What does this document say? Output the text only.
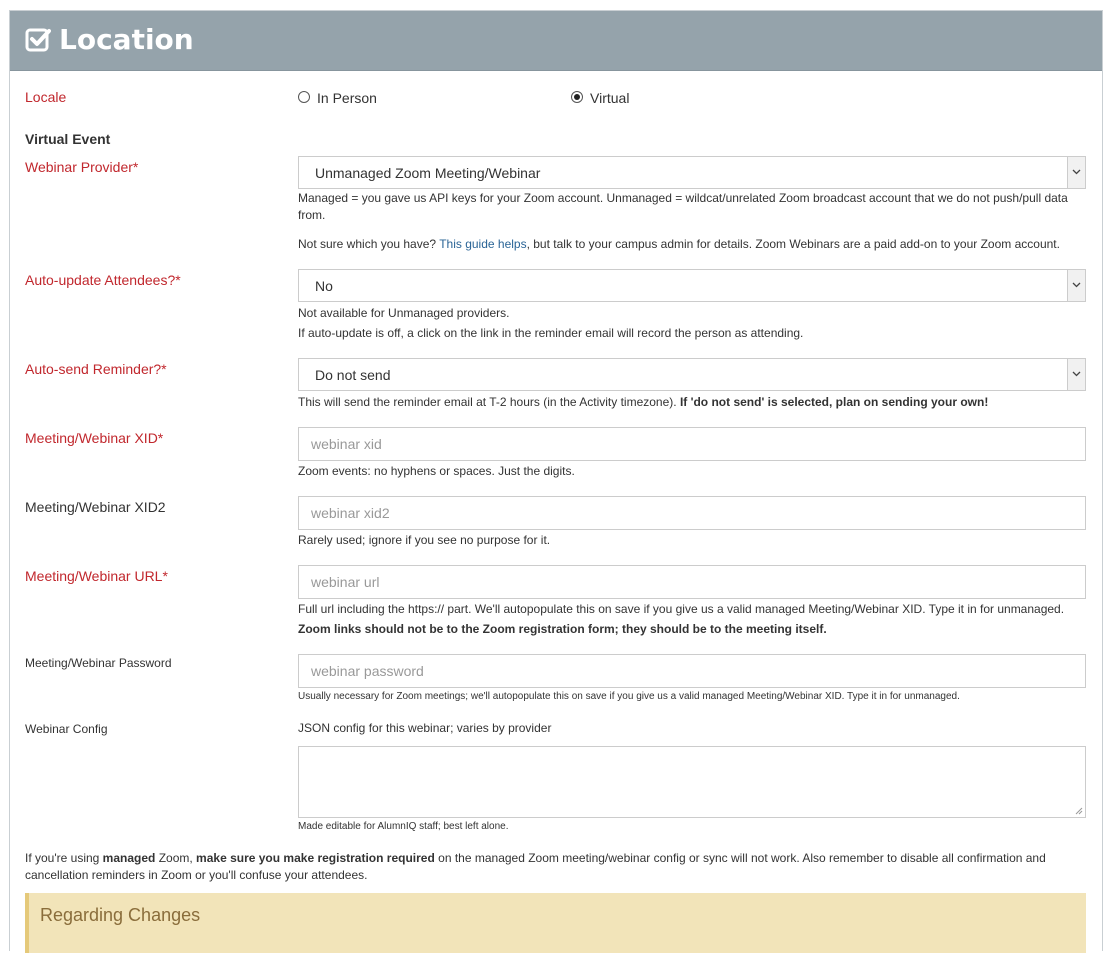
Location
Locale	In Person	Virtual
Virtual Event
Webinar Provider*	Unmanaged Zoom Meeting/Webinar
Managed = you gave us API keys for your Zoom account. Unmanaged = wildcat/unrelated Zoom broadcast account that we do not push/pull data from.
Not sure which you have? This guide helps, but talk to your campus admin for details. Zoom Webinars are a paid add-on to your Zoom account.
Auto-update Attendees?*	No
Not available for Unmanaged providers.
If auto-update is off, a click on the link in the reminder email will record the person as attending.
Auto-send Reminder?*	Do not send
This will send the reminder email at T-2 hours (in the Activity timezone). If 'do not send' is selected, plan on sending your own!
Meeting/Webinar XID*	webinar xid
Zoom events: no hyphens or spaces. Just the digits.
Meeting/Webinar XID2	webinar xid2
Rarely used; ignore if you see no purpose for it.
Meeting/Webinar URL*	webinar url
Full url including the https:// part. We'll autopopulate this on save if you give us a valid managed Meeting/Webinar XID. Type it in for unmanaged.
Zoom links should not be to the Zoom registration form; they should be to the meeting itself.
Meeting/Webinar Password	webinar password
Usually necessary for Zoom meetings; we'll autopopulate this on save if you give us a valid managed Meeting/Webinar XID. Type it in for unmanaged.
Webinar Config	JSON config for this webinar; varies by provider
Made editable for AlumnIQ staff; best left alone.
If you're using managed Zoom, make sure you make registration required on the managed Zoom meeting/webinar config or sync will not work. Also remember to disable all confirmation and cancellation reminders in Zoom or you'll confuse your attendees.
Regarding Changes
